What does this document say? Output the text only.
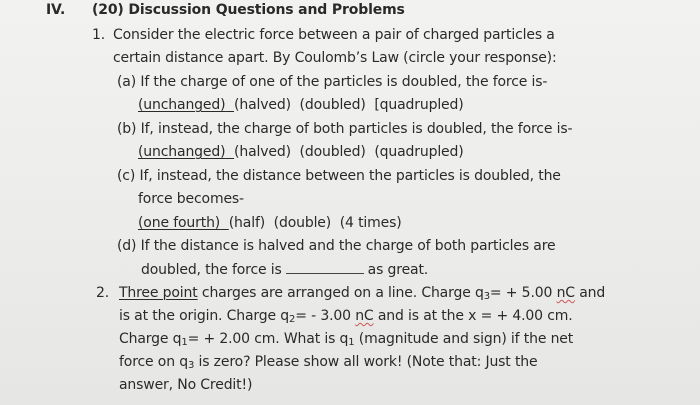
IV. (20) Discussion Questions and Problems
1. Consider the electric force between a pair of charged particles a
certain distance apart. By Coulomb’s Law (circle your response):
(a) If the charge of one of the particles is doubled, the force is-
(unchanged) (halved) (doubled) [quadrupled)
(b) If, instead, the charge of both particles is doubled, the force is-
(unchanged) (halved) (doubled) (quadrupled)
(c) If, instead, the distance between the particles is doubled, the
force becomes-
(one fourth) (half) (double) (4 times)
(d) If the distance is halved and the charge of both particles are
doubled, the force is	as great.
2. Three point charges are arranged on a line. Charge $q_3= + 5.00$ nC and
is at the origin. Charge $q_2= - 3.00$ nC and is at the x = + 4.00 cm.
Charge $q_1= + 2.00$ cm. What is $q_1$ (magnitude and sign) if the net
force on $q_3$ is zero? Please show all work! (Note that: Just the
answer, No Credit!)
